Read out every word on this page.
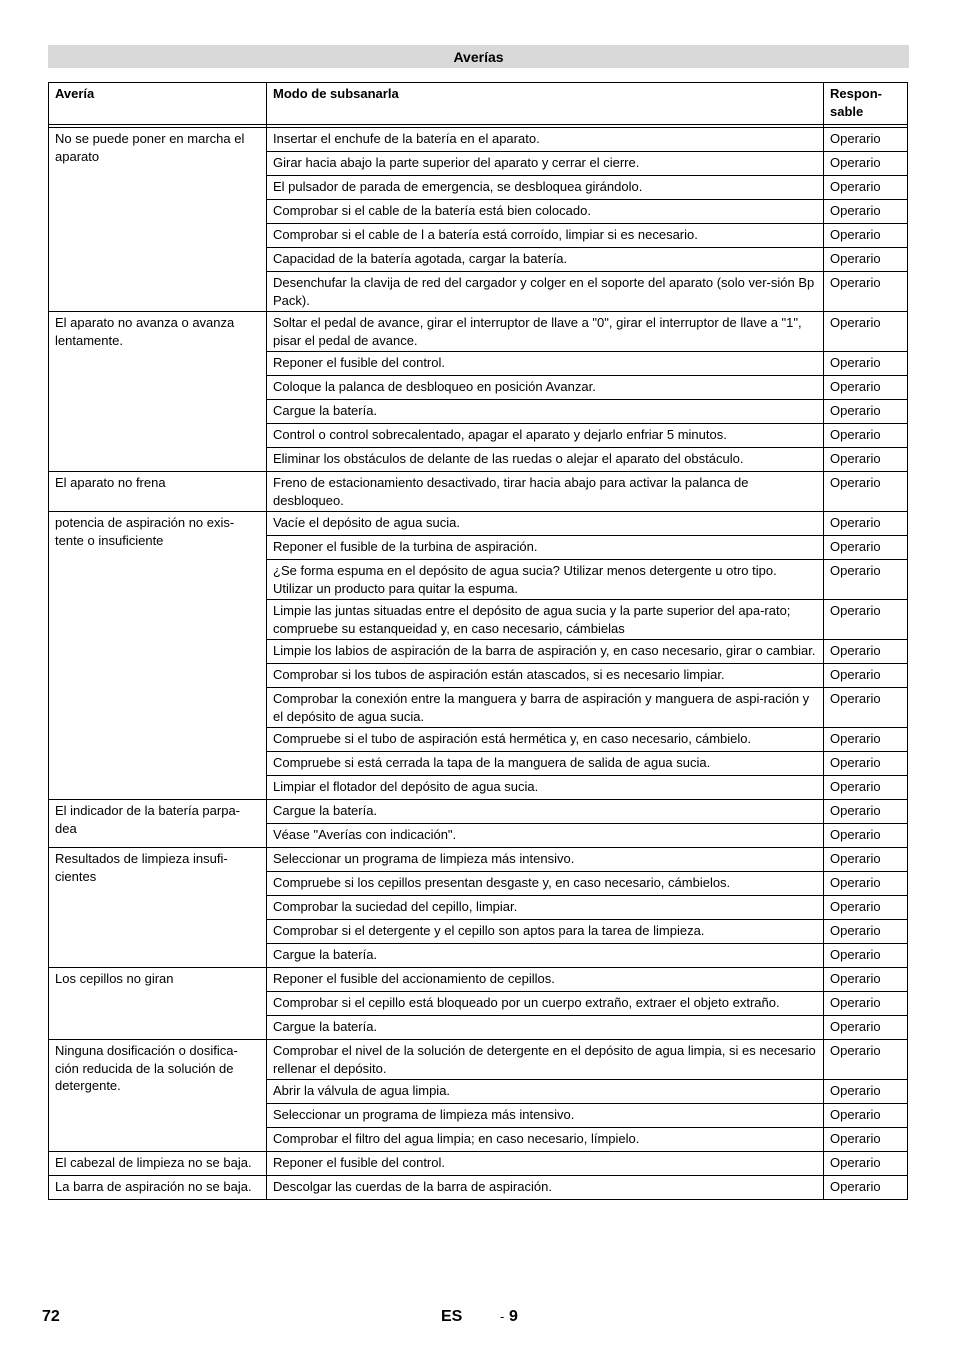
Averías
Avería	Modo de subsanarla	Respon-
sable

No se puede poner en marcha el aparato	Insertar el enchufe de la batería en el aparato.	Operario
	Girar hacia abajo la parte superior del aparato y cerrar el cierre.	Operario
	El pulsador de parada de emergencia, se desbloquea girándolo.	Operario
	Comprobar si el cable de la batería está bien colocado.	Operario
	Comprobar si el cable de l a batería está corroído, limpiar si es necesario.	Operario
	Capacidad de la batería agotada, cargar la batería.	Operario
	Desenchufar la clavija de red del cargador y colger en el soporte del aparato (solo ver-sión Bp Pack).	Operario
El aparato no avanza o avanza lentamente.	Soltar el pedal de avance, girar el interruptor de llave a "0", girar el interruptor de llave a "1", pisar el pedal de avance.	Operario
	Reponer el fusible del control.	Operario
	Coloque la palanca de desbloqueo en posición Avanzar.	Operario
	Cargue la batería.	Operario
	Control o control sobrecalentado, apagar el aparato y dejarlo enfriar 5 minutos.	Operario
	Eliminar los obstáculos de delante de las ruedas o alejar el aparato del obstáculo.	Operario
El aparato no frena	Freno de estacionamiento desactivado, tirar hacia abajo para activar la palanca de desbloqueo.	Operario
potencia de aspiración no exis-tente o insuficiente	Vacíe el depósito de agua sucia.	Operario
	Reponer el fusible de la turbina de aspiración.	Operario
	¿Se forma espuma en el depósito de agua sucia? Utilizar menos detergente u otro tipo. Utilizar un producto para quitar la espuma.	Operario
	Limpie las juntas situadas entre el depósito de agua sucia y la parte superior del apa-rato; compruebe su estanqueidad y, en caso necesario, cámbielas	Operario
	Limpie los labios de aspiración de la barra de aspiración y, en caso necesario, girar o cambiar.	Operario
	Comprobar si los tubos de aspiración están atascados, si es necesario limpiar.	Operario
	Comprobar la conexión entre la manguera y barra de aspiración y manguera de aspi-ración y el depósito de agua sucia.	Operario
	Compruebe si el tubo de aspiración está hermética y, en caso necesario, cámbielo.	Operario
	Compruebe si está cerrada la tapa de la manguera de salida de agua sucia.	Operario
	Limpiar el flotador del depósito de agua sucia.	Operario
El indicador de la batería parpa-dea	Cargue la batería.	Operario
	Véase "Averías con indicación".	Operario
Resultados de limpieza insufi-cientes	Seleccionar un programa de limpieza más intensivo.	Operario
	Compruebe si los cepillos presentan desgaste y, en caso necesario, cámbielos.	Operario
	Comprobar la suciedad del cepillo, limpiar.	Operario
	Comprobar si el detergente y el cepillo son aptos para la tarea de limpieza.	Operario
	Cargue la batería.	Operario
Los cepillos no giran	Reponer el fusible del accionamiento de cepillos.	Operario
	Comprobar si el cepillo está bloqueado por un cuerpo extraño, extraer el objeto extraño.	Operario
	Cargue la batería.	Operario
Ninguna dosificación o dosifica-ción reducida de la solución de detergente.	Comprobar el nivel de la solución de detergente en el depósito de agua limpia, si es necesario rellenar el depósito.	Operario
	Abrir la válvula de agua limpia.	Operario
	Seleccionar un programa de limpieza más intensivo.	Operario
	Comprobar el filtro del agua limpia; en caso necesario, límpielo.	Operario
El cabezal de limpieza no se baja.	Reponer el fusible del control.	Operario
La barra de aspiración no se baja.	Descolgar las cuerdas de la barra de aspiración.	Operario
72	ES	- 9
